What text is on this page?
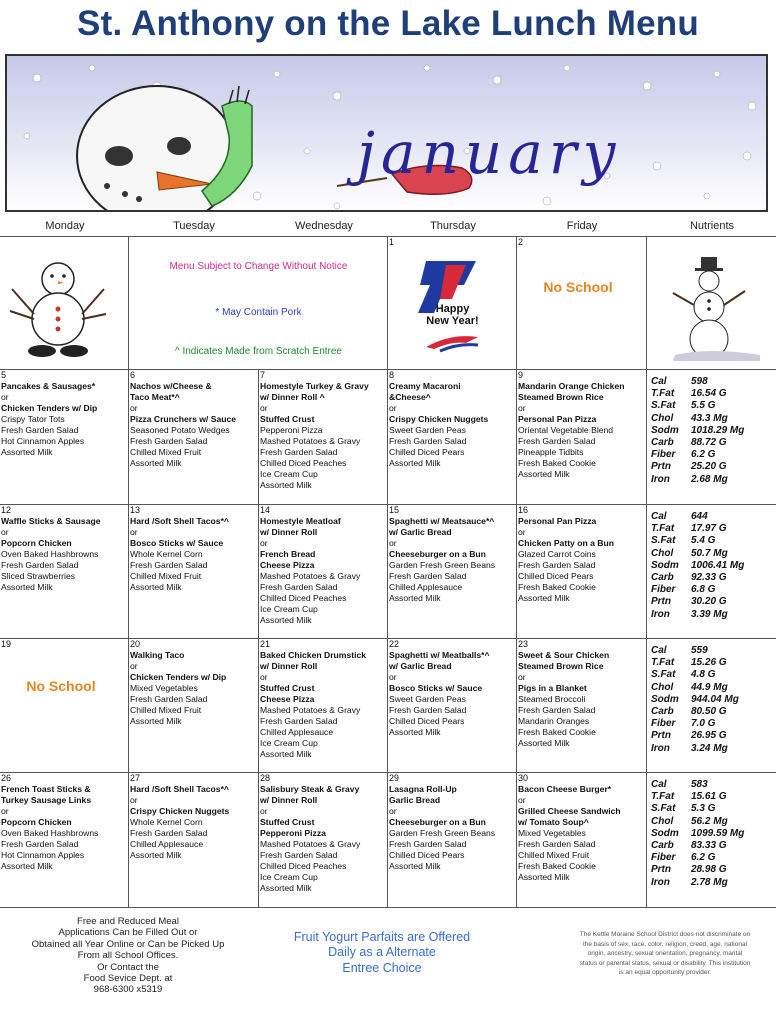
St. Anthony on the Lake Lunch Menu
january
Monday	Tuesday	Wednesday	Thursday	Friday	Nutrients
Menu Subject to Change Without Notice
* May Contain Pork
^ Indicates Made from Scratch Entree
1
Happy
New Year!
2
No School
5
Pancakes & Sausages*
or
Chicken Tenders w/ Dip
Crispy Tator Tots
Fresh Garden Salad
Hot Cinnamon Apples
Assorted Milk
6
Nachos w/Cheese &
Taco Meat*^
or
Pizza Crunchers w/ Sauce
Seasoned Potato Wedges
Fresh Garden Salad
Chilled Mixed Fruit
Assorted Milk
7
Homestyle Turkey & Gravy
w/ Dinner Roll ^
or
Stuffed Crust
Pepperoni Pizza
Mashed Potatoes & Gravy
Fresh Garden Salad
Chilled Diced Peaches
Ice Cream Cup
Assorted Milk
8
Creamy Macaroni
&Cheese^
or
Crispy Chicken Nuggets
Sweet Garden Peas
Fresh Garden Salad
Chilled Diced Pears
Assorted Milk
9
Mandarin Orange Chicken
Steamed Brown Rice
or
Personal Pan Pizza
Oriental Vegetable Blend
Fresh Garden Salad
Pineapple Tidbits
Fresh Baked Cookie
Assorted Milk
Cal	598
T.Fat	16.54 G
S.Fat	5.5 G
Chol	43.3 Mg
Sodm	1018.29 Mg
Carb	88.72 G
Fiber	6.2 G
Prtn	25.20 G
Iron	2.68 Mg
12
Waffle Sticks & Sausage
or
Popcorn Chicken
Oven Baked Hashbrowns
Fresh Garden Salad
Sliced Strawberries
Assorted Milk
13
Hard /Soft Shell Tacos*^
or
Bosco Sticks w/ Sauce
Whole Kernel Corn
Fresh Garden Salad
Chilled Mixed Fruit
Assorted Milk
14
Homestyle Meatloaf
w/ Dinner Roll
or
French Bread
Cheese Pizza
Mashed Potatoes & Gravy
Fresh Garden Salad
Chilled Diced Peaches
Ice Cream Cup
Assorted Milk
15
Spaghetti w/ Meatsauce*^
w/ Garlic Bread
or
Cheeseburger on a Bun
Garden Fresh Green Beans
Fresh Garden Salad
Chilled Applesauce
Assorted Milk
16
Personal Pan Pizza
or
Chicken Patty on a Bun
Glazed Carrot Coins
Fresh Garden Salad
Chilled Diced Pears
Fresh Baked Cookie
Assorted Milk
Cal	644
T.Fat	17.97 G
S.Fat	5.4 G
Chol	50.7 Mg
Sodm	1006.41 Mg
Carb	92.33 G
Fiber	6.8 G
Prtn	30.20 G
Iron	3.39 Mg
19
No School
20
Walking Taco
or
Chicken Tenders w/ Dip
Mixed Vegetables
Fresh Garden Salad
Chilled Mixed Fruit
Assorted Milk
21
Baked Chicken Drumstick
w/ Dinner Roll
or
Stuffed Crust
Cheese Pizza
Mashed Potatoes & Gravy
Fresh Garden Salad
Chilled Applesauce
Ice Cream Cup
Assorted Milk
22
Spaghetti w/ Meatballs*^
w/ Garlic Bread
or
Bosco Sticks w/ Sauce
Sweet Garden Peas
Fresh Garden Salad
Chilled Diced Pears
Assorted Milk
23
Sweet & Sour Chicken
Steamed Brown Rice
or
Pigs in a Blanket
Steamed Broccoli
Fresh Garden Salad
Mandarin Oranges
Fresh Baked Cookie
Assorted Milk
Cal	559
T.Fat	15.26 G
S.Fat	4.8 G
Chol	44.9 Mg
Sodm	944.04 Mg
Carb	80.50 G
Fiber	7.0 G
Prtn	26.95 G
Iron	3.24 Mg
26
French Toast Sticks &
Turkey Sausage Links
or
Popcorn Chicken
Oven Baked Hashbrowns
Fresh Garden Salad
Hot Cinnamon Apples
Assorted Milk
27
Hard /Soft Shell Tacos*^
or
Crispy Chicken Nuggets
Whole Kernel Corn
Fresh Garden Salad
Chilled Applesauce
Assorted Milk
28
Salisbury Steak & Gravy
w/ Dinner Roll
or
Stuffed Crust
Pepperoni Pizza
Mashed Potatoes & Gravy
Fresh Garden Salad
Chilled Diced Peaches
Ice Cream Cup
Assorted Milk
29
Lasagna Roll-Up
Garlic Bread
or
Cheeseburger on a Bun
Garden Fresh Green Beans
Fresh Garden Salad
Chilled Diced Pears
Assorted Milk
30
Bacon Cheese Burger*
or
Grilled Cheese Sandwich
w/ Tomato Soup^
Mixed Vegetables
Fresh Garden Salad
Chilled Mixed Fruit
Fresh Baked Cookie
Assorted Milk
Cal	583
T.Fat	15.61 G
S.Fat	5.3 G
Chol	56.2 Mg
Sodm	1099.59 Mg
Carb	83.33 G
Fiber	6.2 G
Prtn	28.98 G
Iron	2.78 Mg
Free and Reduced Meal
Applications Can be Filled Out or
Obtained all Year Online or Can be Picked Up
From all School Offices.
Or Contact the
Food Sevice Dept. at
968-6300 x5319
Fruit Yogurt Parfaits are Offered
Daily as a Alternate
Entree Choice
The Kettle Moraine School District does not discriminate on
the basis of sex, race, color, religion, creed, age, national
origin, ancestry, sexual orientation, pregnancy, marital
status or parental status, sexual or disability. This institution
is an equal opportunity provider.
